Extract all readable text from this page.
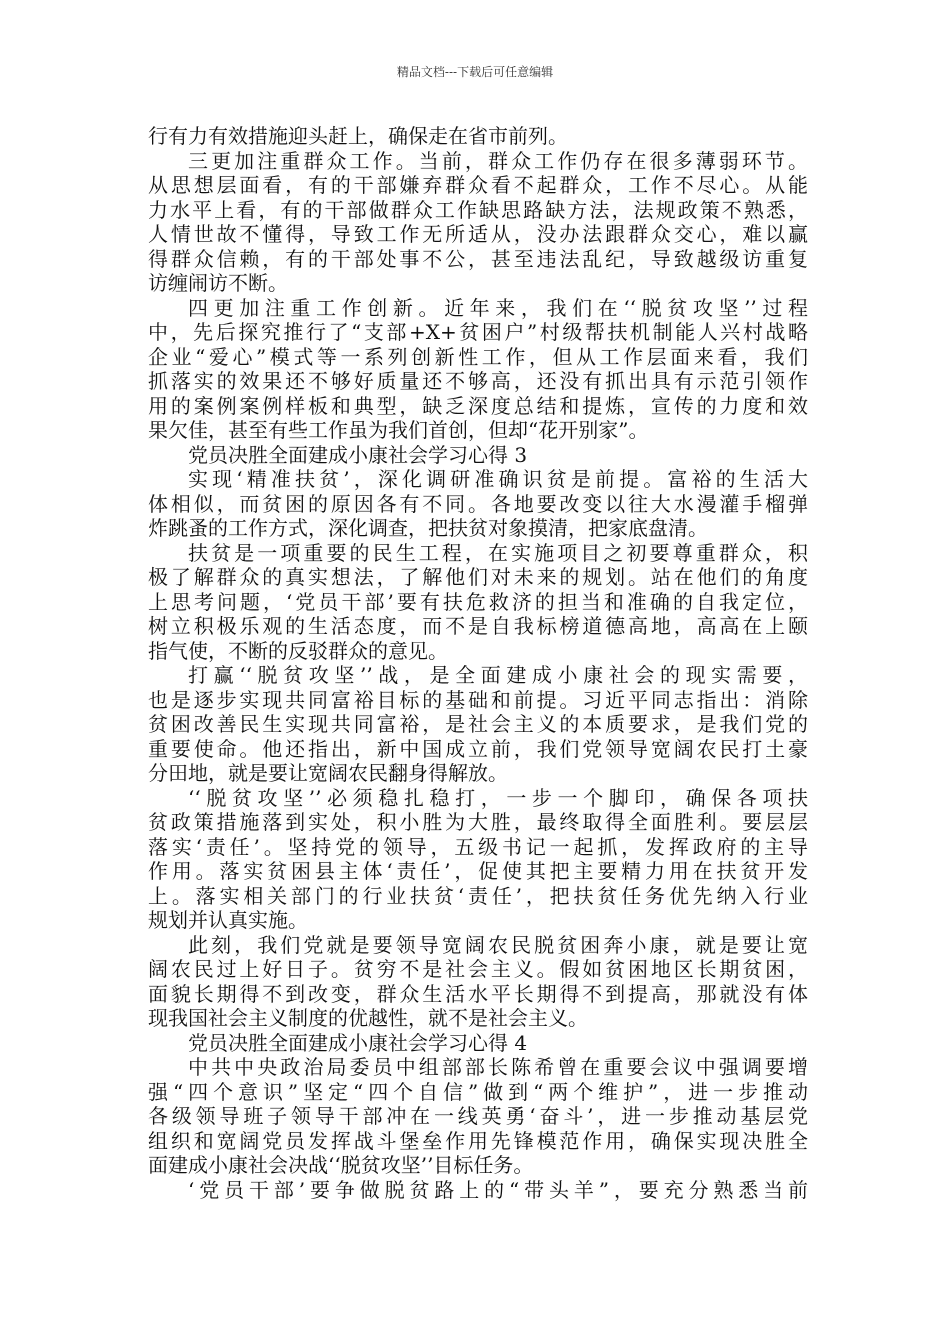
精品文档---下载后可任意编辑
行有力有效措施迎头赶上，确保走在省市前列。
三更加注重群众工作。当前，群众工作仍存在很多薄弱环节。
从思想层面看，有的干部嫌弃群众看不起群众，工作不尽心。从能
力水平上看，有的干部做群众工作缺思路缺方法，法规政策不熟悉，
人情世故不懂得，导致工作无所适从，没办法跟群众交心，难以赢
得群众信赖，有的干部处事不公，甚至违法乱纪，导致越级访重复
访缠闹访不断。
四更加注重工作创新。近年来，我们在‘‘脱贫攻坚’’过程
中，先后探究推行了“支部+X+贫困户”村级帮扶机制能人兴村战略
企业“爱心”模式等一系列创新性工作，但从工作层面来看，我们
抓落实的效果还不够好质量还不够高，还没有抓出具有示范引领作
用的案例案例样板和典型，缺乏深度总结和提炼，宣传的力度和效
果欠佳，甚至有些工作虽为我们首创，但却“花开别家”。
党员决胜全面建成小康社会学习心得 3
实现‘精准扶贫’，深化调研准确识贫是前提。富裕的生活大
体相似，而贫困的原因各有不同。各地要改变以往大水漫灌手榴弹
炸跳蚤的工作方式，深化调查，把扶贫对象摸清，把家底盘清。
扶贫是一项重要的民生工程，在实施项目之初要尊重群众，积
极了解群众的真实想法，了解他们对未来的规划。站在他们的角度
上思考问题，‘党员干部’要有扶危救济的担当和准确的自我定位，
树立积极乐观的生活态度，而不是自我标榜道德高地，高高在上颐
指气使，不断的反驳群众的意见。
打赢‘‘脱贫攻坚’’战，是全面建成小康社会的现实需要，
也是逐步实现共同富裕目标的基础和前提。习近平同志指出：消除
贫困改善民生实现共同富裕，是社会主义的本质要求，是我们党的
重要使命。他还指出，新中国成立前，我们党领导宽阔农民打土豪
分田地，就是要让宽阔农民翻身得解放。
‘‘脱贫攻坚’’必须稳扎稳打，一步一个脚印，确保各项扶
贫政策措施落到实处，积小胜为大胜，最终取得全面胜利。要层层
落实‘责任’。坚持党的领导，五级书记一起抓，发挥政府的主导
作用。落实贫困县主体‘责任’，促使其把主要精力用在扶贫开发
上。落实相关部门的行业扶贫‘责任’，把扶贫任务优先纳入行业
规划并认真实施。
此刻，我们党就是要领导宽阔农民脱贫困奔小康，就是要让宽
阔农民过上好日子。贫穷不是社会主义。假如贫困地区长期贫困，
面貌长期得不到改变，群众生活水平长期得不到提高，那就没有体
现我国社会主义制度的优越性，就不是社会主义。
党员决胜全面建成小康社会学习心得 4
中共中央政治局委员中组部部长陈希曾在重要会议中强调要增
强“四个意识”坚定“四个自信”做到“两个维护”，进一步推动
各级领导班子领导干部冲在一线英勇‘奋斗’，进一步推动基层党
组织和宽阔党员发挥战斗堡垒作用先锋模范作用，确保实现决胜全
面建成小康社会决战‘‘脱贫攻坚’’目标任务。
‘党员干部’要争做脱贫路上的“带头羊”，要充分熟悉当前
